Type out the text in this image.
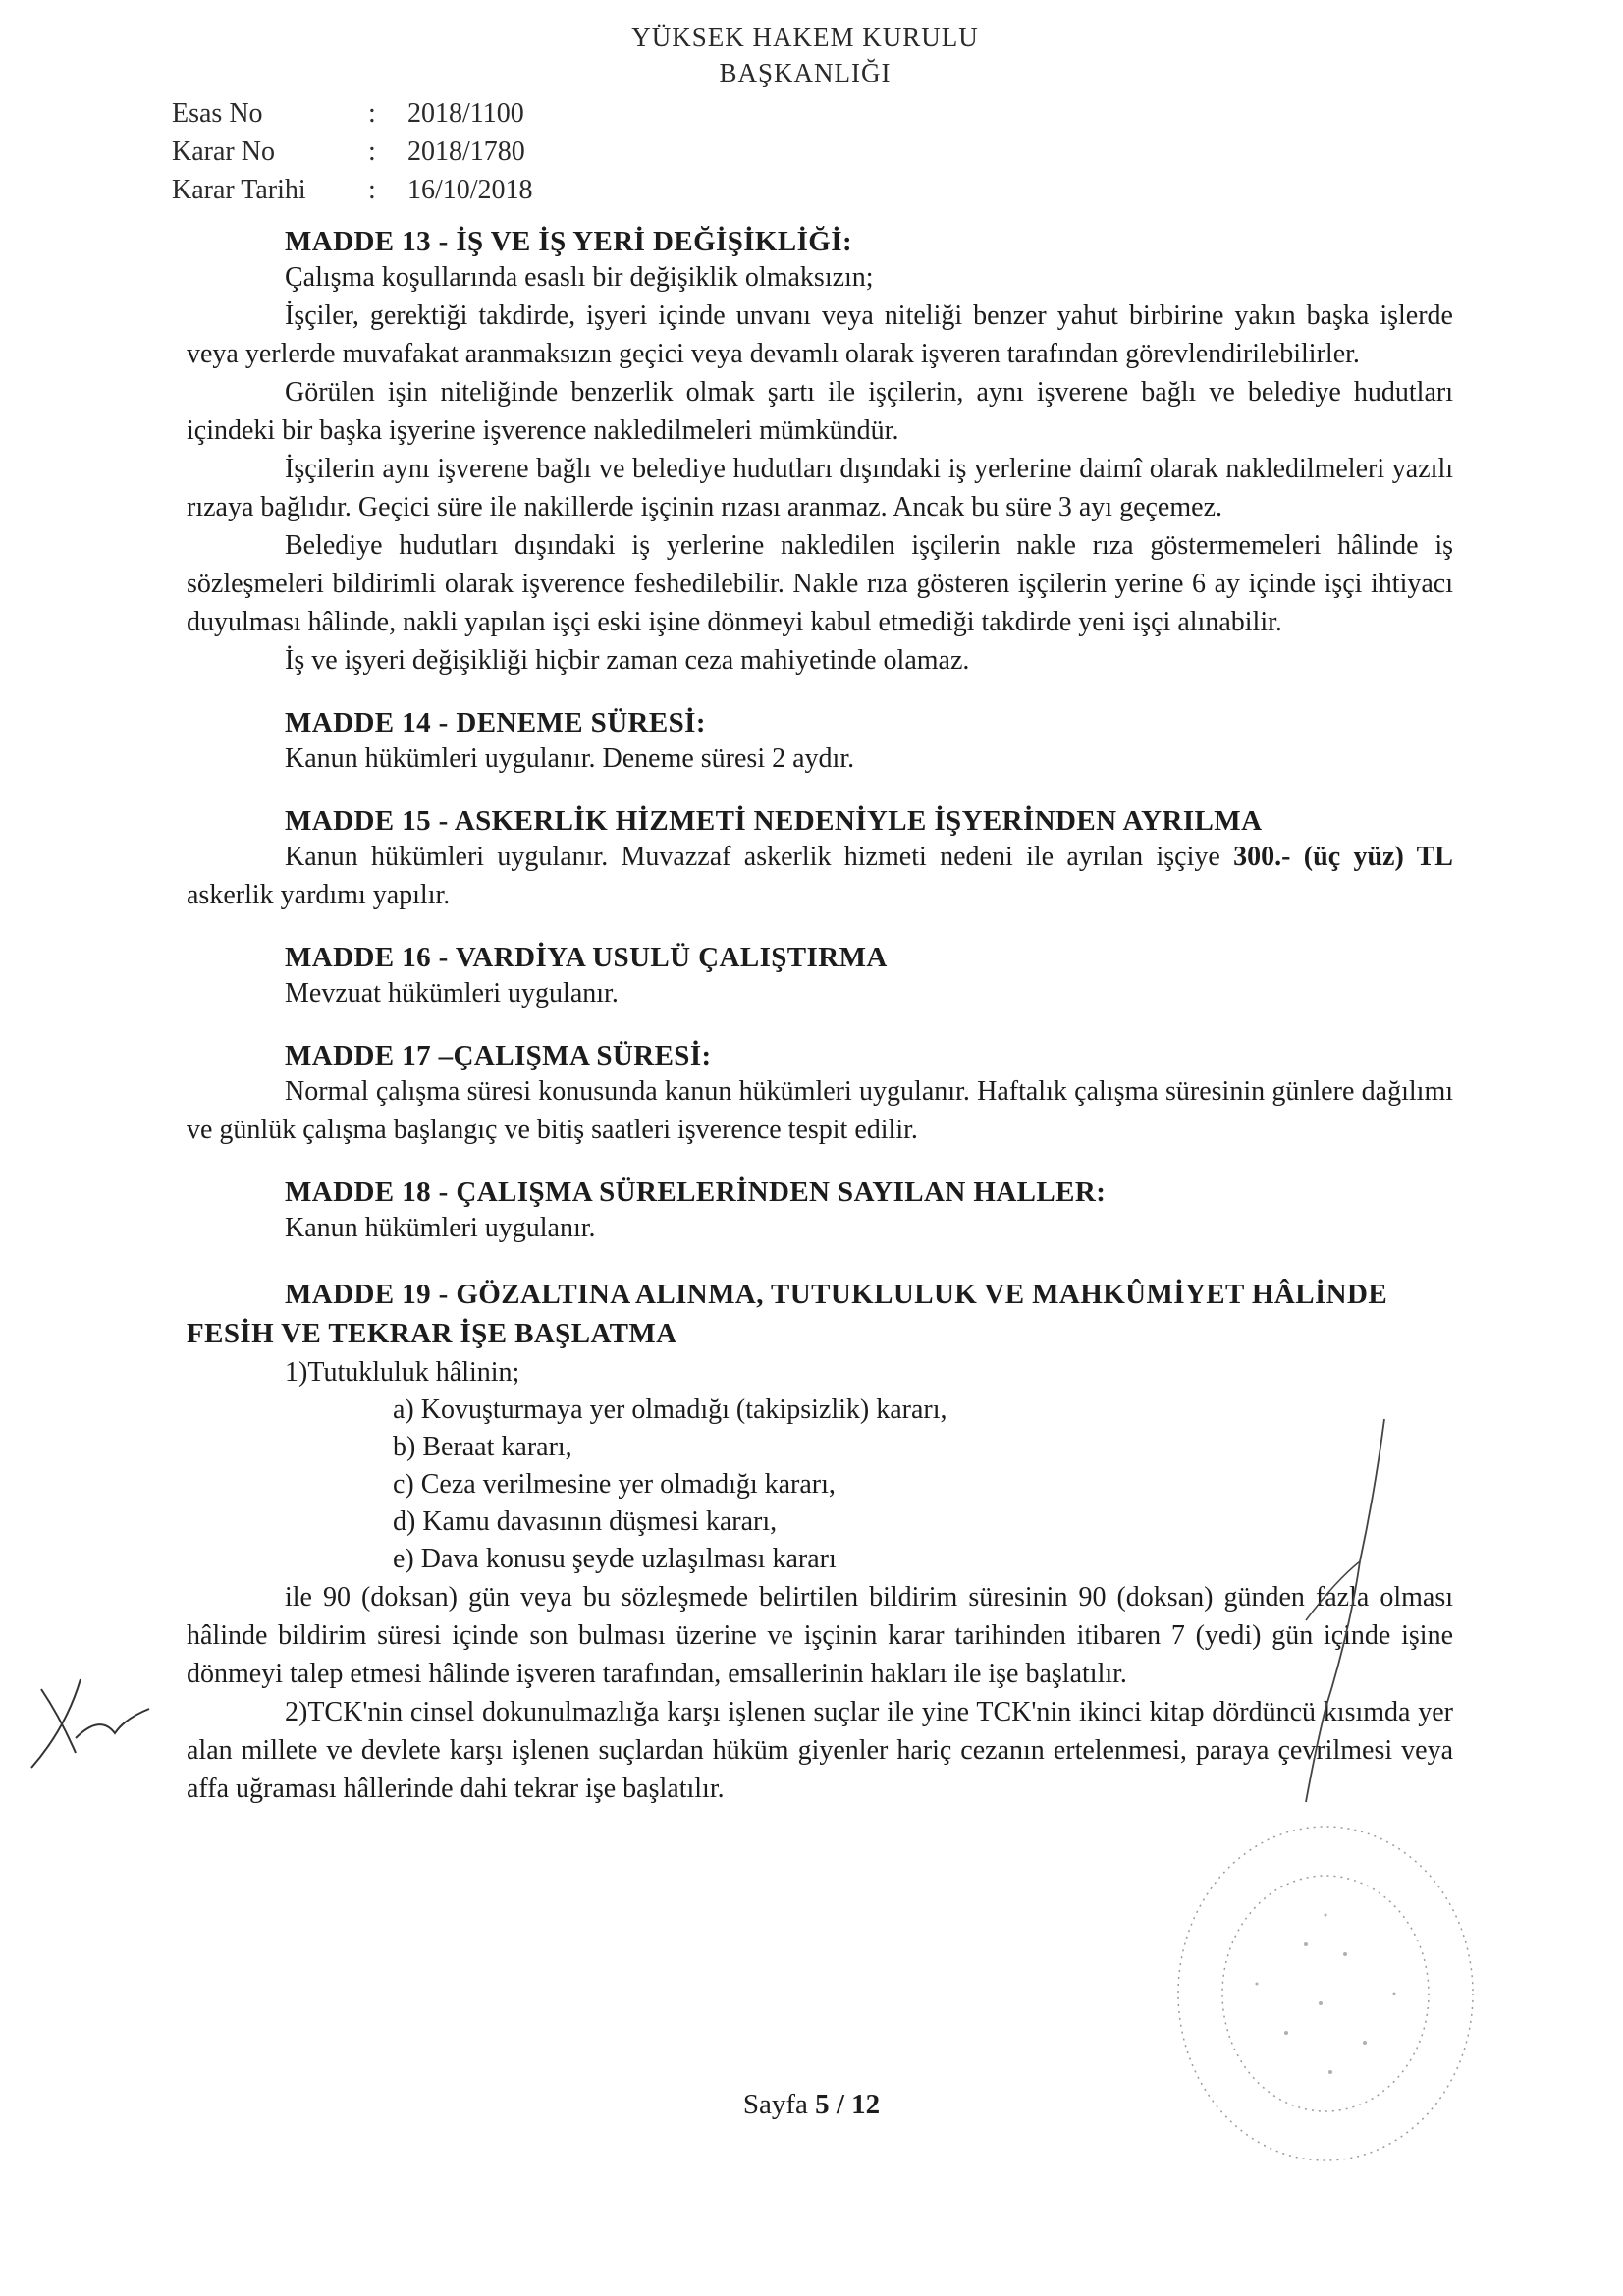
YÜKSEK HAKEM KURULU
BAŞKANLIĞI
Esas No	:	2018/1100
Karar No	:	2018/1780
Karar Tarihi	:	16/10/2018
MADDE 13 - İŞ VE İŞ YERİ DEĞİŞİKLİĞİ:

Çalışma koşullarında esaslı bir değişiklik olmaksızın;

İşçiler, gerektiği takdirde, işyeri içinde unvanı veya niteliği benzer yahut birbirine yakın başka işlerde veya yerlerde muvafakat aranmaksızın geçici veya devamlı olarak işveren tarafından görevlendirilebilirler.

Görülen işin niteliğinde benzerlik olmak şartı ile işçilerin, aynı işverene bağlı ve belediye hudutları içindeki bir başka işyerine işverence nakledilmeleri mümkündür.

İşçilerin aynı işverene bağlı ve belediye hudutları dışındaki iş yerlerine daimî olarak nakledilmeleri yazılı rızaya bağlıdır. Geçici süre ile nakillerde işçinin rızası aranmaz. Ancak bu süre 3 ayı geçemez.

Belediye hudutları dışındaki iş yerlerine nakledilen işçilerin nakle rıza göstermemeleri hâlinde iş sözleşmeleri bildirimli olarak işverence feshedilebilir. Nakle rıza gösteren işçilerin yerine 6 ay içinde işçi ihtiyacı duyulması hâlinde, nakli yapılan işçi eski işine dönmeyi kabul etmediği takdirde yeni işçi alınabilir.

İş ve işyeri değişikliği hiçbir zaman ceza mahiyetinde olamaz.

MADDE 14 - DENEME SÜRESİ:

Kanun hükümleri uygulanır. Deneme süresi 2 aydır.

MADDE 15 - ASKERLİK HİZMETİ NEDENİYLE İŞYERİNDEN AYRILMA

Kanun hükümleri uygulanır. Muvazzaf askerlik hizmeti nedeni ile ayrılan işçiye 300.- (üç yüz) TL askerlik yardımı yapılır.

MADDE 16 - VARDİYA USULÜ ÇALIŞTIRMA

Mevzuat hükümleri uygulanır.

MADDE 17 –ÇALIŞMA SÜRESİ:

Normal çalışma süresi konusunda kanun hükümleri uygulanır. Haftalık çalışma süresinin günlere dağılımı ve günlük çalışma başlangıç ve bitiş saatleri işverence tespit edilir.

MADDE 18 - ÇALIŞMA SÜRELERİNDEN SAYILAN HALLER:

Kanun hükümleri uygulanır.

MADDE 19 - GÖZALTINA ALINMA, TUTUKLULUK VE MAHKÛMİYET HÂLİNDE FESİH VE TEKRAR İŞE BAŞLATMA

1)Tutukluluk hâlinin;

a) Kovuşturmaya yer olmadığı (takipsizlik) kararı,
b) Beraat kararı,
c) Ceza verilmesine yer olmadığı kararı,
d) Kamu davasının düşmesi kararı,
e) Dava konusu şeyde uzlaşılması kararı

ile 90 (doksan) gün veya bu sözleşmede belirtilen bildirim süresinin 90 (doksan) günden fazla olması hâlinde bildirim süresi içinde son bulması üzerine ve işçinin karar tarihinden itibaren 7 (yedi) gün içinde işine dönmeyi talep etmesi hâlinde işveren tarafından, emsallerinin hakları ile işe başlatılır.

2)TCK'nin cinsel dokunulmazlığa karşı işlenen suçlar ile yine TCK'nin ikinci kitap dördüncü kısımda yer alan millete ve devlete karşı işlenen suçlardan hüküm giyenler hariç cezanın ertelenmesi, paraya çevrilmesi veya affa uğraması hâllerinde dahi tekrar işe başlatılır.

Sayfa 5 / 12
